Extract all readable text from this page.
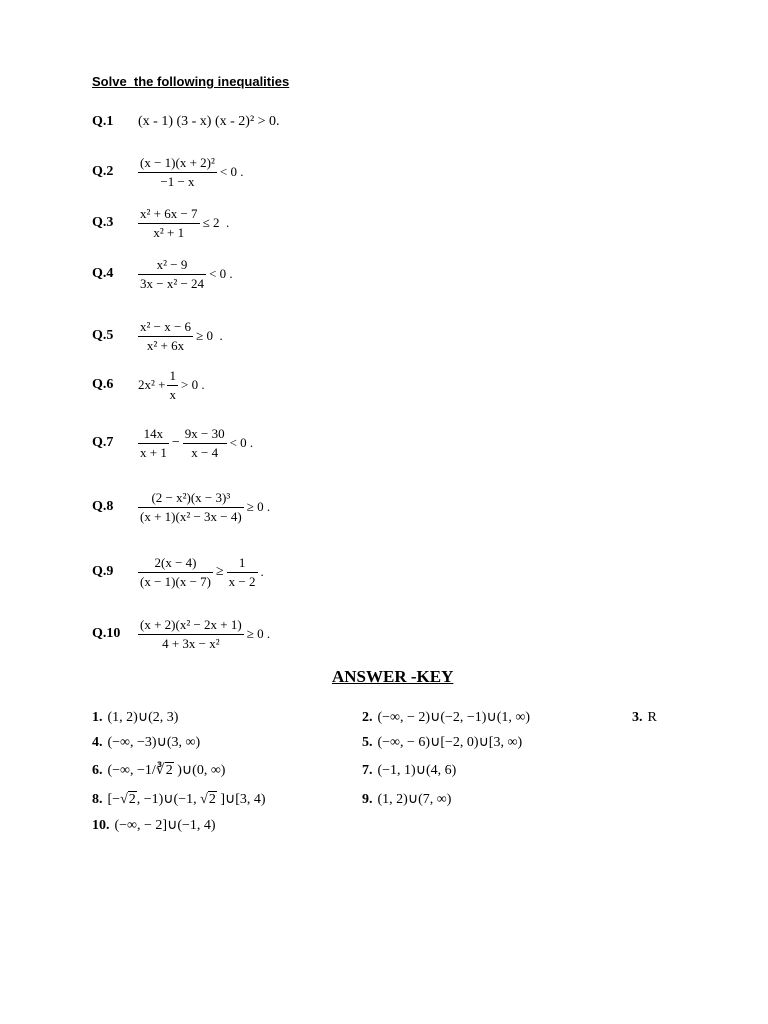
Solve  the following inequalities
Q.1	(x - 1) (3 - x) (x - 2)² > 0.
Q.2	$\frac{\text{(x − 1)(x + 2)²}}{-1 - x} < 0$ .
Q.3	$\frac{\text{x² + 6x − 7}}{\text{x² + 1}} \le 2$  .
Q.4	$\frac{\text{x² − 9}}{\text{3x − x² − 24}} < 0$ .
Q.5	$\frac{\text{x² − x − 6}}{\text{x² + 6x}} \ge 0$  .
Q.6	$2x^2 + \frac{1}{x} > 0$ .
Q.7	$\frac{14x}{x + 1} - \frac{9x - 30}{x - 4} < 0$ .
Q.8	$\frac{\text{(2 − x²)(x − 3)³}}{\text{(x + 1)(x² − 3x − 4)}} \ge 0$ .
Q.9	$\frac{2(x - 4)}{(x - 1)(x - 7)} \ge \frac{1}{x - 2}$ .
Q.10	$\frac{\text{(x + 2)(x² − 2x + 1)}}{\text{4 + 3x − x²}} \ge 0$ .
ANSWER -KEY
1. (1, 2)∪(2, 3)	2. (−∞, − 2)∪(−2, −1)∪(1, ∞)	3. R
4. (−∞, −3)∪(3, ∞)	5. (−∞, − 6)∪[−2, 0)∪[3, ∞)
6. (−∞, −1/∛2 )∪(0, ∞)	7. (−1, 1)∪(4, 6)
8. [−√2, −1)∪(−1, √2 ]∪[3, 4)	9. (1, 2)∪(7, ∞)
10. (−∞, − 2]∪(−1, 4)
